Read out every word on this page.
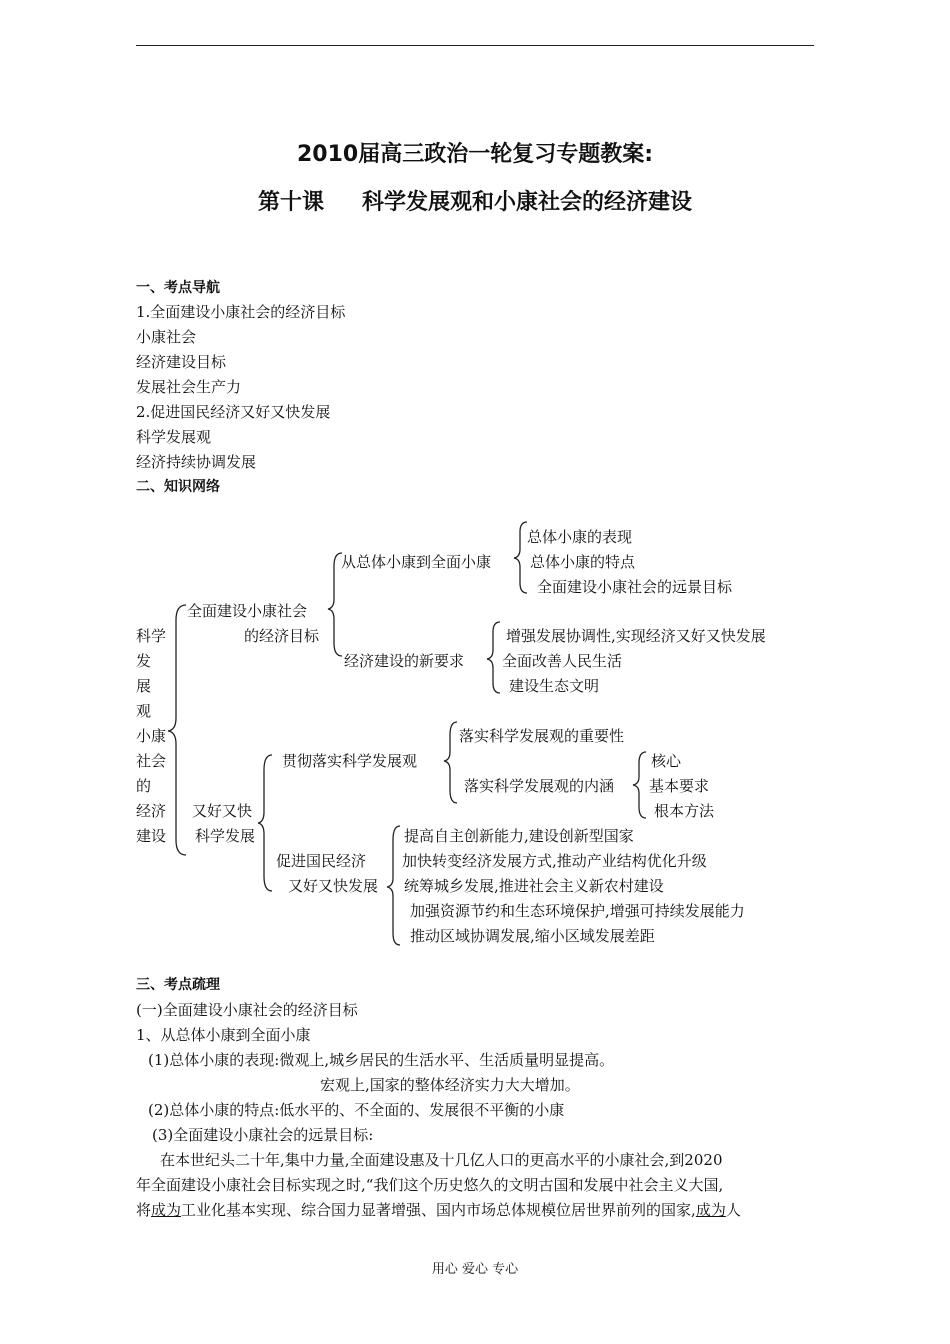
2010届高三政治一轮复习专题教案:
第十课 科学发展观和小康社会的经济建设
一、考点导航
1.全面建设小康社会的经济目标
小康社会
经济建设目标
发展社会生产力
2.促进国民经济又好又快发展
科学发展观
经济持续协调发展
二、知识网络
科学
发
展
观
小康
社会
的
经济
建设
全面建设小康社会
的经济目标
从总体小康到全面小康
总体小康的表现
总体小康的特点
全面建设小康社会的远景目标
经济建设的新要求
增强发展协调性,实现经济又好又快发展
全面改善人民生活
建设生态文明
又好又快
科学发展
贯彻落实科学发展观
落实科学发展观的重要性
落实科学发展观的内涵
核心
基本要求
根本方法
促进国民经济
又好又快发展
提高自主创新能力,建设创新型国家
加快转变经济发展方式,推动产业结构优化升级
统筹城乡发展,推进社会主义新农村建设
加强资源节约和生态环境保护,增强可持续发展能力
推动区域协调发展,缩小区域发展差距
三、考点疏理
(一)全面建设小康社会的经济目标
1、从总体小康到全面小康
(1)总体小康的表现:微观上,城乡居民的生活水平、生活质量明显提高。
宏观上,国家的整体经济实力大大增加。
(2)总体小康的特点:低水平的、不全面的、发展很不平衡的小康
(3)全面建设小康社会的远景目标:
在本世纪头二十年,集中力量,全面建设惠及十几亿人口的更高水平的小康社会,到2020
年全面建设小康社会目标实现之时,“我们这个历史悠久的文明古国和发展中社会主义大国,
将成为工业化基本实现、综合国力显著增强、国内市场总体规模位居世界前列的国家,成为人
用心 爱心 专心
